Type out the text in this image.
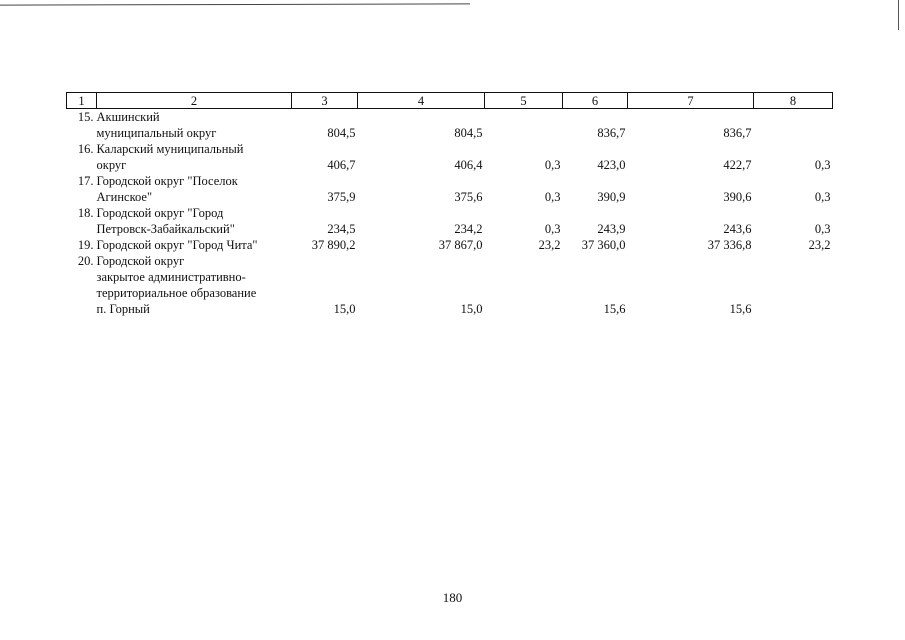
1	2	3	4	5	6	7	8

15. Акшинский
муниципальный округ		804,5	804,5		836,7	836,7	

16. Каларский муниципальный
округ		406,7	406,4	0,3	423,0	422,7	0,3

17. Городской округ "Поселок
Агинское"		375,9	375,6	0,3	390,9	390,6	0,3

18. Городской округ "Город
Петровск-Забайкальский"		234,5	234,2	0,3	243,9	243,6	0,3

19. Городской округ "Город Чита"		37 890,2	37 867,0	23,2	37 360,0	37 336,8	23,2

20. Городской округ
закрытое административно-
территориальное образование
п. Горный		15,0	15,0		15,6	15,6	
180
